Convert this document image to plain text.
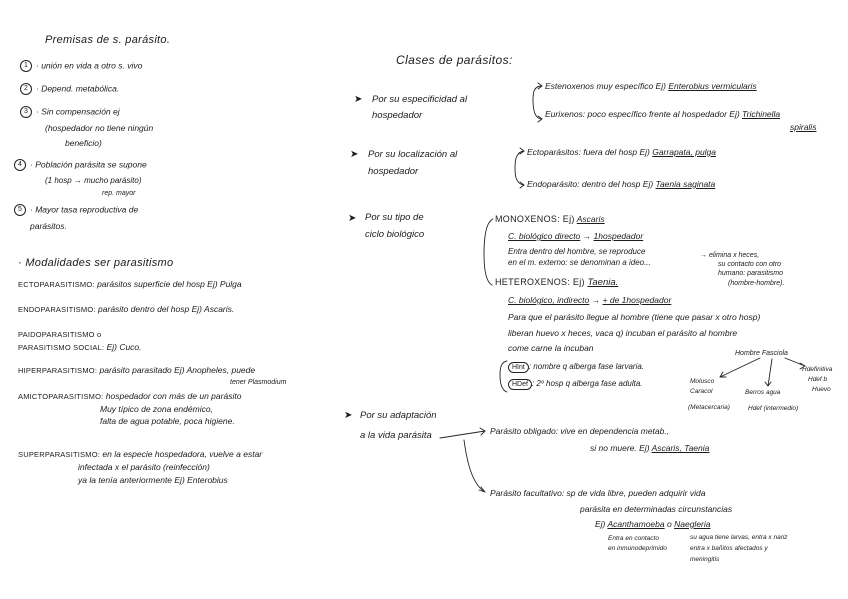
Premisas de s. parásito.
1 · unión en vida a otro s. vivo
2 · Depend. metabólica.
3 · Sin compensación ej
(hospedador no tiene ningún
beneficio)
4 · Población parásita se supone
(1 hosp → mucho parásito)
rep. mayor
5 · Mayor tasa reproductiva de
parásitos.
· Modalidades ser parasitismo
ECTOPARASITISMO: parásitos superficie del hosp Ej) Pulga
ENDOPARASITISMO: parásito dentro del hosp Ej) Ascaris.
PAIDOPARASITISMO o
PARASITISMO SOCIAL: Ej) Cuco.
HIPERPARASITISMO: parásito parasitado Ej) Anopheles, puede
tener Plasmodium
AMICTOPARASITISMO: hospedador con más de un parásito
Muy típico de zona endémico,
falta de agua potable, poca higiene.
SUPERPARASITISMO: en la especie hospedadora, vuelve a estar
infectada x el parásito (reinfección)
ya la tenía anteriormente Ej) Enterobius
Clases de parásitos:
➤ Por su especificidad al
hospedador
Estenoxenos muy específico Ej) Enterobius vermicularis
Eurixenos: poco específico frente al hospedador Ej) Trichinella
spiralis
➤ Por su localización al
hospedador
Ectoparásitos: fuera del hosp Ej) Garrapata, pulga
Endoparásito: dentro del hosp Ej) Taenia saginata
➤ Por su tipo de
ciclo biológico
MONOXENOS: Ej) Ascaris
C. biológico directo → 1hospedador
Entra dentro del hombre, se reproduce
en el m. externo: se denominan a ideo...
→ elimina x heces,
su contacto con otro
humano: parasitismo
(hombre-hombre).
HETEROXENOS: Ej) Taenia.
C. biológico, indirecto → + de 1hospedador
Para que el parásito llegue al hombre (tiene que pasar x otro hosp)
liberan huevo x heces, vaca q) incuban el parásito al hombre
come carne la incuban
HInt : nombre q alberga fase larvaria.
HDef : 2º hosp q alberga fase adulta.
Hombre Fasciola
Molusco
Caracol
(Metacercaria)
Berros agua
Hdef (intermedio)
Hdefinitiva
Hdef b
Huevo
➤ Por su adaptación
a la vida parásita	Parásito obligado: vive en dependencia metab.,
si no muere. Ej) Ascaris, Taenia
Parásito facultativo: sp de vida libre, pueden adquirir vida
parásita en determinadas circunstancias
Ej) Acanthamoeba o Naegleria
Entra en contacto
en inmunodeprimido
su agua tiene larvas, entra x nariz
entra x bañitos afectados y
meningitis
